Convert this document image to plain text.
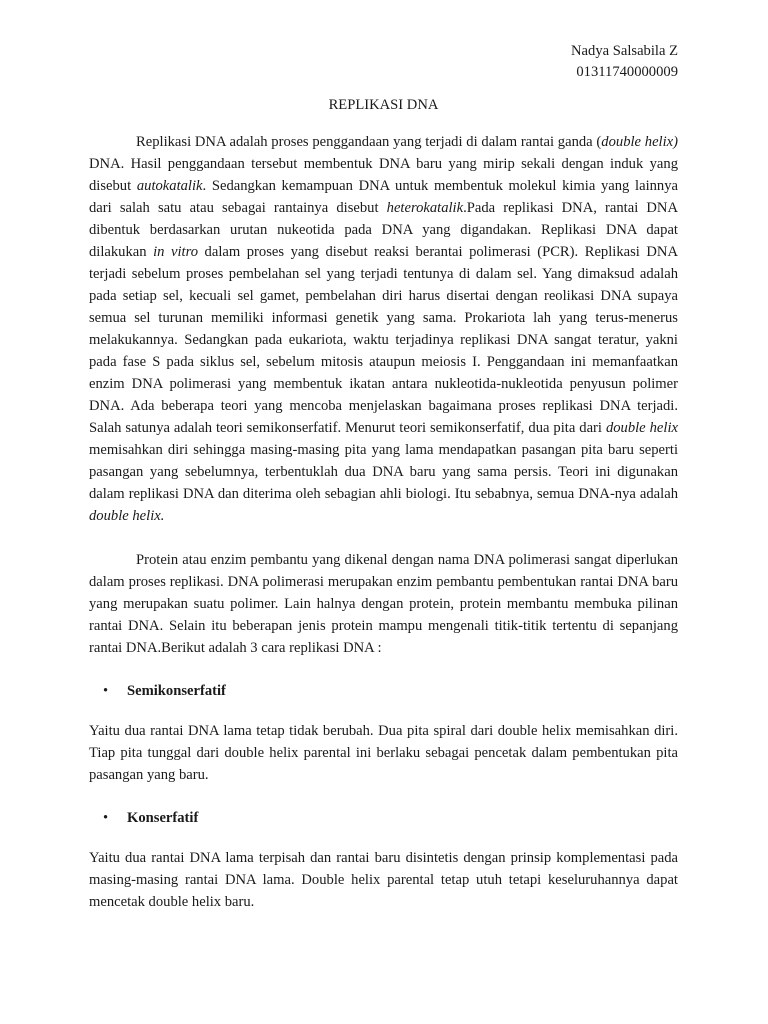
Nadya Salsabila Z
01311740000009
REPLIKASI DNA

Replikasi DNA adalah proses penggandaan yang terjadi di dalam rantai ganda (double helix) DNA. Hasil penggandaan tersebut membentuk DNA baru yang mirip sekali dengan induk yang disebut autokatalik. Sedangkan kemampuan DNA untuk membentuk molekul kimia yang lainnya dari salah satu atau sebagai rantainya disebut heterokatalik.Pada replikasi DNA, rantai DNA dibentuk berdasarkan urutan nukeotida pada DNA yang digandakan. Replikasi DNA dapat dilakukan in vitro dalam proses yang disebut reaksi berantai polimerasi (PCR). Replikasi DNA terjadi sebelum proses pembelahan sel yang terjadi tentunya di dalam sel. Yang dimaksud adalah pada setiap sel, kecuali sel gamet, pembelahan diri harus disertai dengan reolikasi DNA supaya semua sel turunan memiliki informasi genetik yang sama. Prokariota lah yang terus-menerus melakukannya. Sedangkan pada eukariota, waktu terjadinya replikasi DNA sangat teratur, yakni pada fase S pada siklus sel, sebelum mitosis ataupun meiosis I. Penggandaan ini memanfaatkan enzim DNA polimerasi yang membentuk ikatan antara nukleotida-nukleotida penyusun polimer DNA. Ada beberapa teori yang mencoba menjelaskan bagaimana proses replikasi DNA terjadi. Salah satunya adalah teori semikonserfatif. Menurut teori semikonserfatif, dua pita dari double helix memisahkan diri sehingga masing-masing pita yang lama mendapatkan pasangan pita baru seperti pasangan yang sebelumnya, terbentuklah dua DNA baru yang sama persis. Teori ini digunakan dalam replikasi DNA dan diterima oleh sebagian ahli biologi. Itu sebabnya, semua DNA-nya adalah double helix.

Protein atau enzim pembantu yang dikenal dengan nama DNA polimerasi sangat diperlukan dalam proses replikasi. DNA polimerasi merupakan enzim pembantu pembentukan rantai DNA baru yang merupakan suatu polimer. Lain halnya dengan protein, protein membantu membuka pilinan rantai DNA. Selain itu beberapan jenis protein mampu mengenali titik-titik tertentu di sepanjang rantai DNA.Berikut adalah 3 cara replikasi DNA :

• Semikonserfatif

Yaitu dua rantai DNA lama tetap tidak berubah. Dua pita spiral dari double helix memisahkan diri. Tiap pita tunggal dari double helix parental ini berlaku sebagai pencetak dalam pembentukan pita pasangan yang baru.

• Konserfatif

Yaitu dua rantai DNA lama terpisah dan rantai baru disintetis dengan prinsip komplementasi pada masing-masing rantai DNA lama. Double helix parental tetap utuh tetapi keseluruhannya dapat mencetak double helix baru.
